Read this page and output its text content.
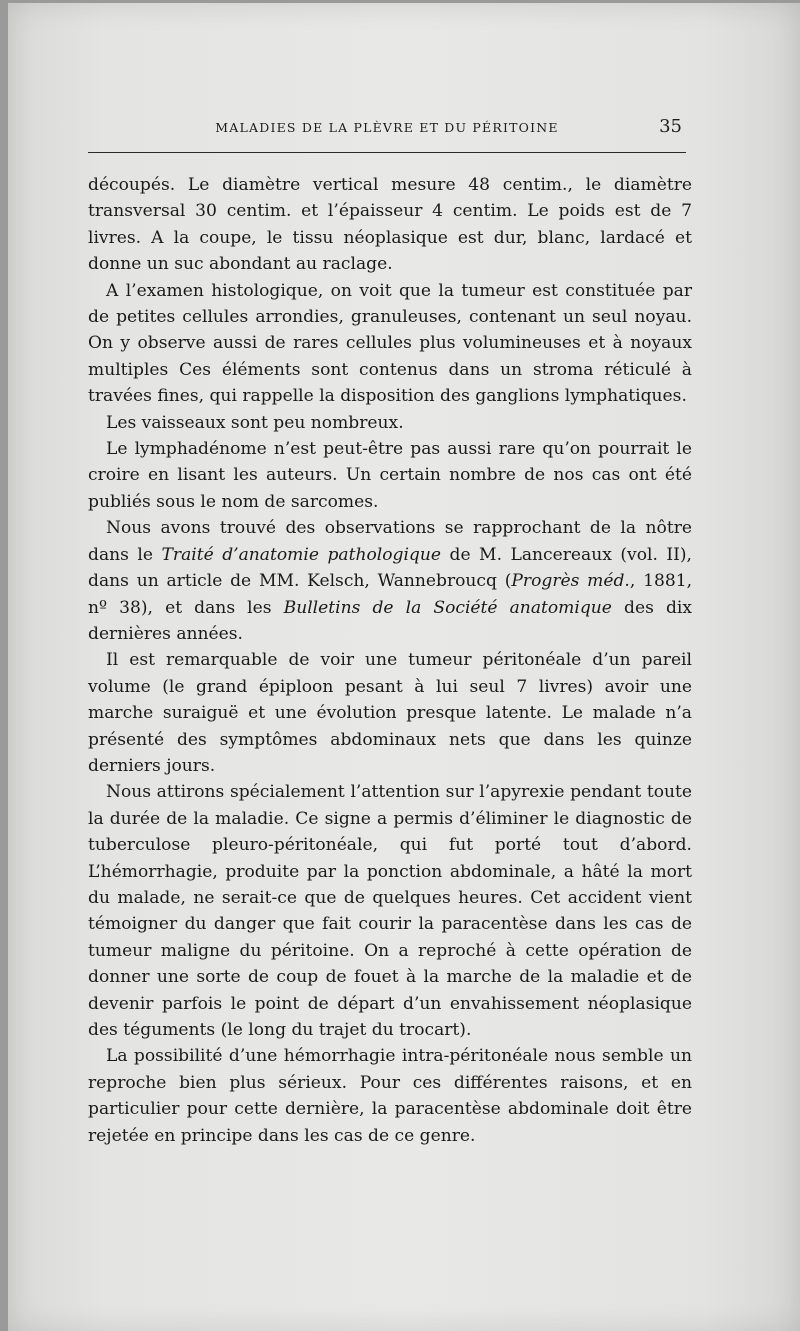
MALADIES DE LA PLÈVRE ET DU PÉRITOINE	35

découpés. Le diamètre vertical mesure 48 centim., le diamètre transversal 30 centim. et l’épaisseur 4 centim. Le poids est de 7 livres. A la coupe, le tissu néoplasique est dur, blanc, lardacé et donne un suc abondant au raclage.

A l’examen histologique, on voit que la tumeur est constituée par de petites cellules arrondies, granuleuses, contenant un seul noyau. On y observe aussi de rares cellules plus volumineuses et à noyaux multiples Ces éléments sont contenus dans un stroma réticulé à travées fines, qui rappelle la disposition des ganglions lymphatiques.

Les vaisseaux sont peu nombreux.

Le lymphadénome n’est peut-être pas aussi rare qu’on pourrait le croire en lisant les auteurs. Un certain nombre de nos cas ont été publiés sous le nom de sarcomes.

Nous avons trouvé des observations se rapprochant de la nôtre dans le Traité d’anatomie pathologique de M. Lancereaux (vol. II), dans un article de MM. Kelsch, Wannebroucq (Progrès méd., 1881, nº 38), et dans les Bulletins de la Société anatomique des dix dernières années.

Il est remarquable de voir une tumeur péritonéale d’un pareil volume (le grand épiploon pesant à lui seul 7 livres) avoir une marche suraiguë et une évolution presque latente. Le malade n’a présenté des symptômes abdominaux nets que dans les quinze derniers jours.

Nous attirons spécialement l’attention sur l’apyrexie pendant toute la durée de la maladie. Ce signe a permis d’éliminer le diagnostic de tuberculose pleuro-péritonéale, qui fut porté tout d’abord. L’hémorrhagie, produite par la ponction abdominale, a hâté la mort du malade, ne serait-ce que de quelques heures. Cet accident vient témoigner du danger que fait courir la paracentèse dans les cas de tumeur maligne du péritoine. On a reproché à cette opération de donner une sorte de coup de fouet à la marche de la maladie et de devenir parfois le point de départ d’un envahissement néoplasique des téguments (le long du trajet du trocart).

La possibilité d’une hémorrhagie intra-péritonéale nous semble un reproche bien plus sérieux. Pour ces différentes raisons, et en particulier pour cette dernière, la paracentèse abdominale doit être rejetée en principe dans les cas de ce genre.
